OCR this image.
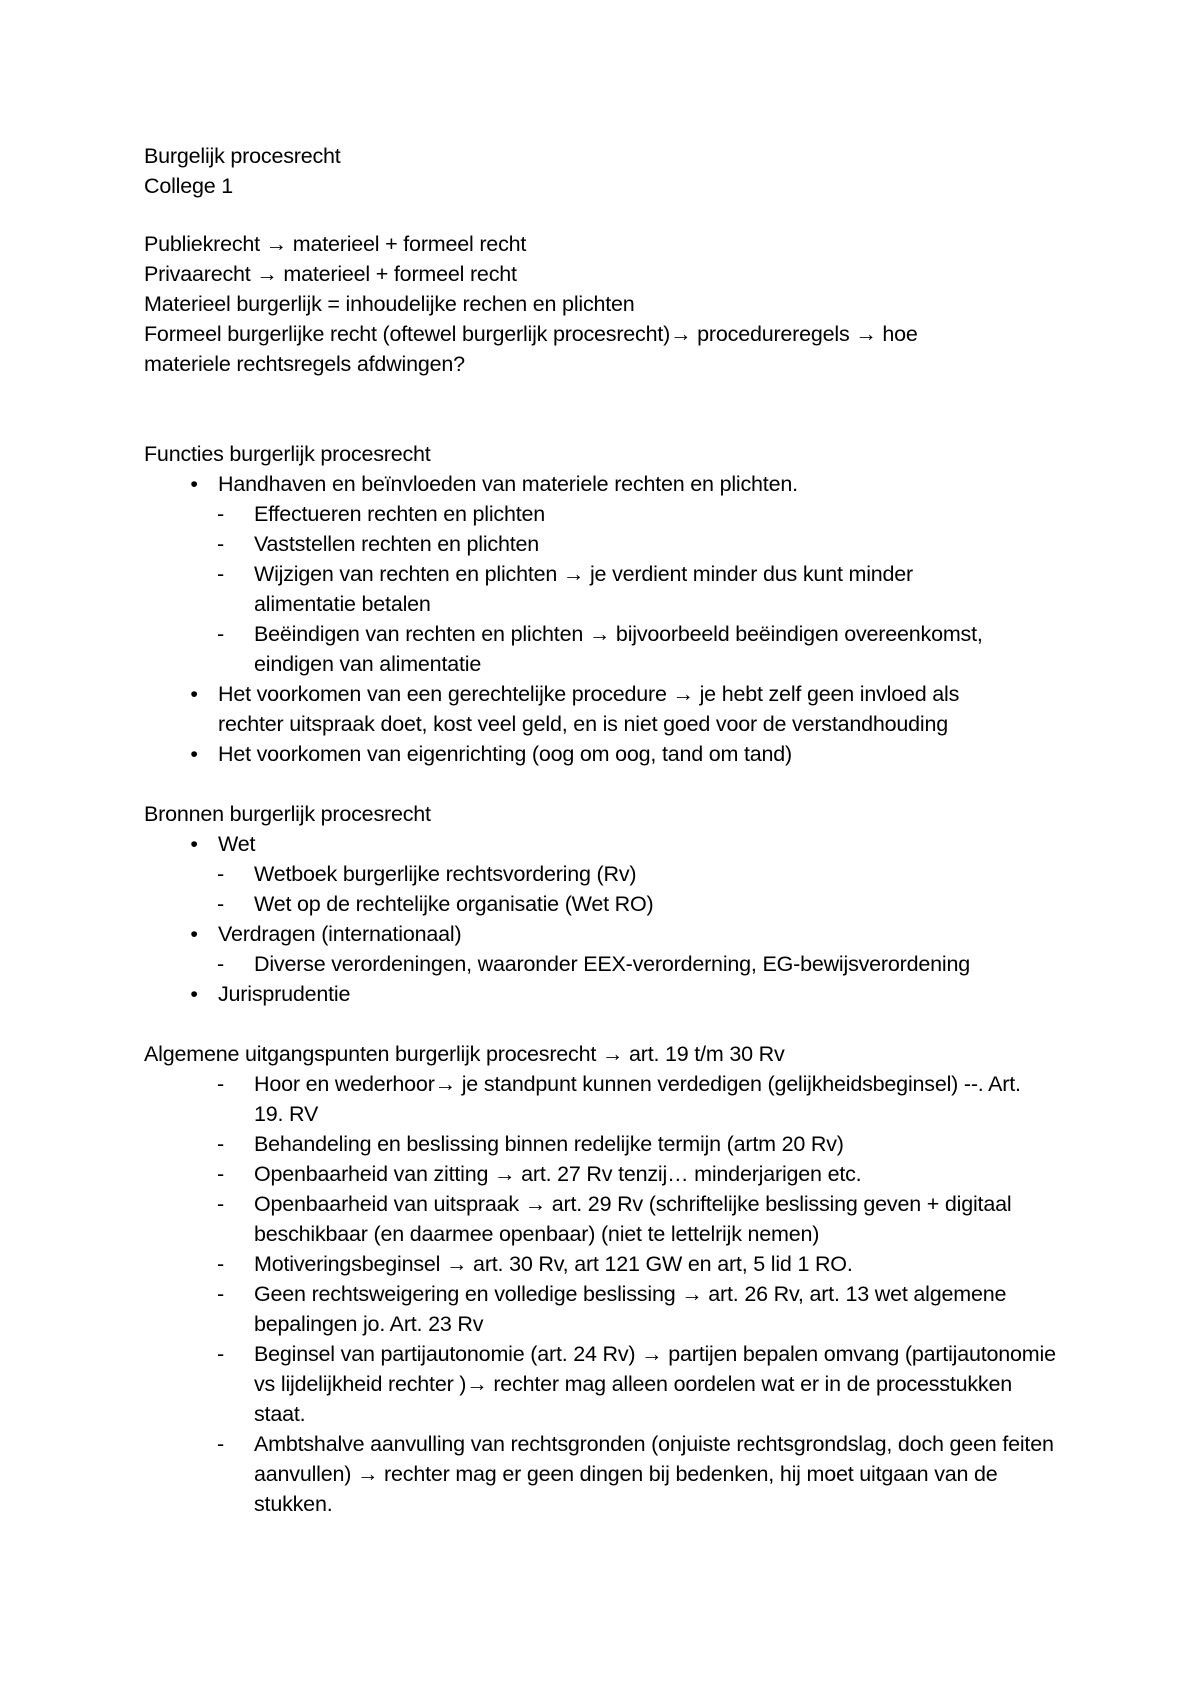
Burgelijk procesrecht

College 1

Publiekrecht → materieel + formeel recht

Privaarecht → materieel + formeel recht

Materieel burgerlijk = inhoudelijke rechen en plichten

Formeel burgerlijke recht (oftewel burgerlijk procesrecht)→ procedureregels → hoe materiele rechtsregels afdwingen?

Functies burgerlijk procesrecht

• Handhaven en beïnvloeden van materiele rechten en plichten.
-	Effectueren rechten en plichten
-	Vaststellen rechten en plichten
-	Wijzigen van rechten en plichten → je verdient minder dus kunt minder alimentatie betalen
-	Beëindigen van rechten en plichten → bijvoorbeeld beëindigen overeenkomst, eindigen van alimentatie
• Het voorkomen van een gerechtelijke procedure → je hebt zelf geen invloed als rechter uitspraak doet, kost veel geld, en is niet goed voor de verstandhouding
• Het voorkomen van eigenrichting (oog om oog, tand om tand)

Bronnen burgerlijk procesrecht

• Wet
-	Wetboek burgerlijke rechtsvordering (Rv)
-	Wet op de rechtelijke organisatie (Wet RO)
• Verdragen (internationaal)
-	Diverse verordeningen, waaronder EEX-verorderning, EG-bewijsverordening
• Jurisprudentie

Algemene uitgangspunten burgerlijk procesrecht → art. 19 t/m 30 Rv

-	Hoor en wederhoor→ je standpunt kunnen verdedigen (gelijkheidsbeginsel) --. Art. 19. RV
-	Behandeling en beslissing binnen redelijke termijn (artm 20 Rv)
-	Openbaarheid van zitting → art. 27 Rv tenzij… minderjarigen etc.
-	Openbaarheid van uitspraak → art. 29 Rv (schriftelijke beslissing geven + digitaal beschikbaar (en daarmee openbaar) (niet te lettelrijk nemen)
-	Motiveringsbeginsel → art. 30 Rv, art 121 GW en art, 5 lid 1 RO.
-	Geen rechtsweigering en volledige beslissing → art. 26 Rv, art. 13 wet algemene bepalingen jo. Art. 23 Rv
-	Beginsel van partijautonomie (art. 24 Rv) → partijen bepalen omvang (partijautonomie vs lijdelijkheid rechter )→ rechter mag alleen oordelen wat er in de processtukken staat.
-	Ambtshalve aanvulling van rechtsgronden (onjuiste rechtsgrondslag, doch geen feiten aanvullen) → rechter mag er geen dingen bij bedenken, hij moet uitgaan van de stukken.
